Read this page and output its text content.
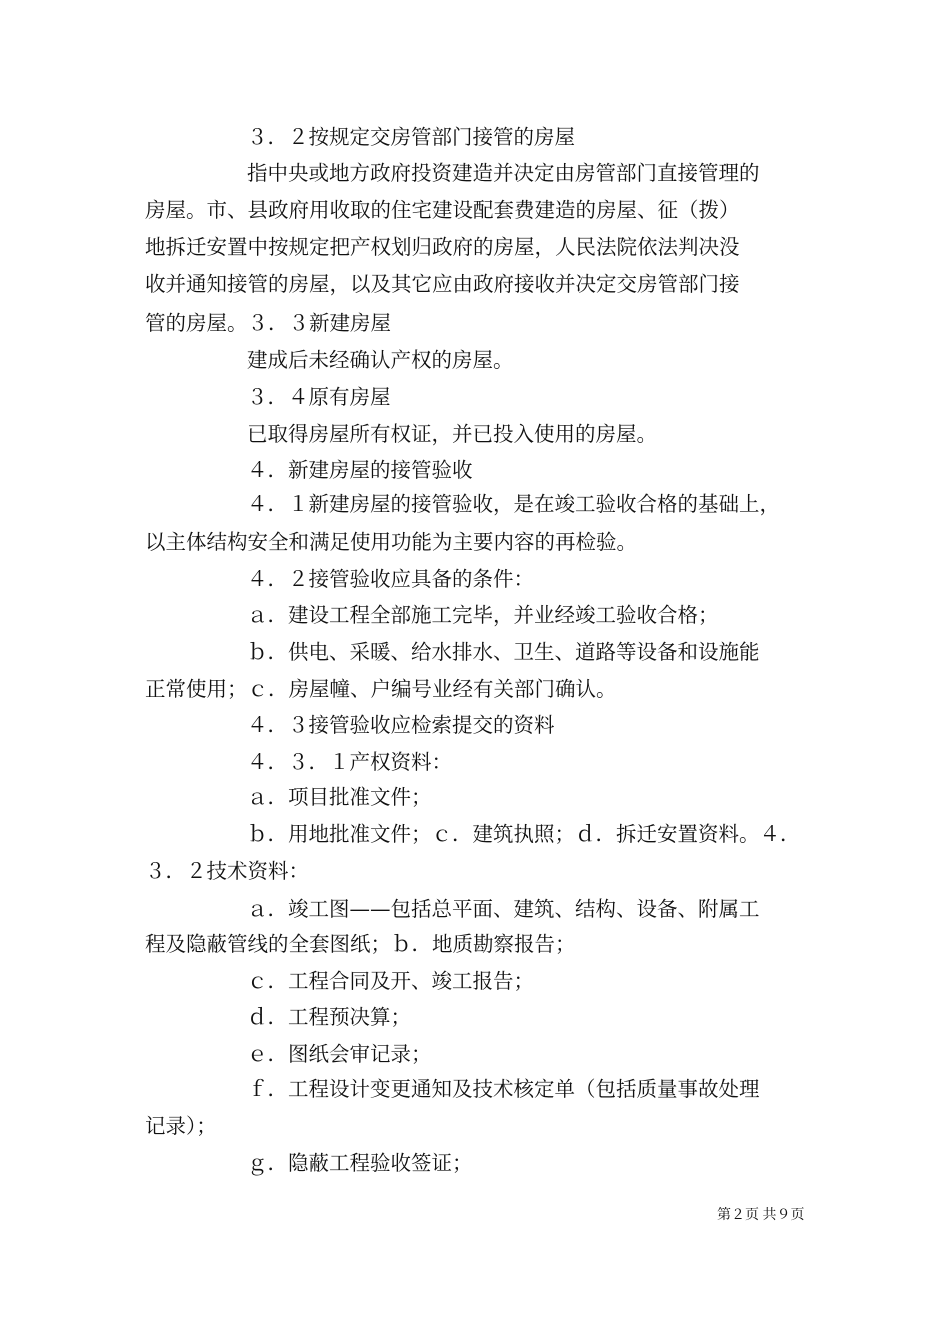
３．２按规定交房管部门接管的房屋
指中央或地方政府投资建造并决定由房管部门直接管理的
房屋。市、县政府用收取的住宅建设配套费建造的房屋、征（拨）
地拆迁安置中按规定把产权划归政府的房屋，人民法院依法判决没
收并通知接管的房屋，以及其它应由政府接收并决定交房管部门接
管的房屋。３．３新建房屋
建成后未经确认产权的房屋。
３．４原有房屋
已取得房屋所有权证，并已投入使用的房屋。
４．新建房屋的接管验收
４．１新建房屋的接管验收，是在竣工验收合格的基础上，
以主体结构安全和满足使用功能为主要内容的再检验。
４．２接管验收应具备的条件：
ａ．建设工程全部施工完毕，并业经竣工验收合格；
ｂ．供电、采暖、给水排水、卫生、道路等设备和设施能
正常使用；ｃ．房屋幢、户编号业经有关部门确认。
４．３接管验收应检索提交的资料
４．３．１产权资料：
ａ．项目批准文件；
ｂ．用地批准文件；ｃ．建筑执照；ｄ．拆迁安置资料。４．
３．２技术资料：
ａ．竣工图——包括总平面、建筑、结构、设备、附属工
程及隐蔽管线的全套图纸；ｂ．地质勘察报告；
ｃ．工程合同及开、竣工报告；
ｄ．工程预决算；
ｅ．图纸会审记录；
ｆ．工程设计变更通知及技术核定单（包括质量事故处理
记录）；
ｇ．隐蔽工程验收签证；
第２页 共９页
